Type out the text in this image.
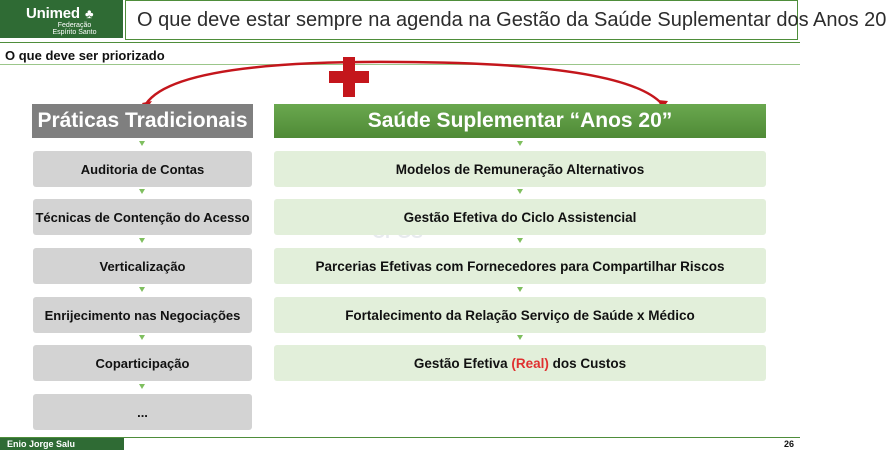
Unimed ♣
Federação
Espírito Santo
O que deve estar sempre na agenda na Gestão da Saúde Suplementar dos Anos 20
O que deve ser priorizado
Práticas Tradicionais	Saúde Suplementar “Anos 20”
Auditoria de Contas
Técnicas de Contenção do Acesso
Verticalização
Enrijecimento nas Negociações
Coparticipação
...
Modelos de Remuneração Alternativos
Gestão Efetiva do Ciclo Assistencial
Parcerias Efetivas com Fornecedores para Compartilhar Riscos
Fortalecimento da Relação Serviço de Saúde x Médico
Gestão Efetiva (Real) dos Custos
Enio Jorge Salu	26
